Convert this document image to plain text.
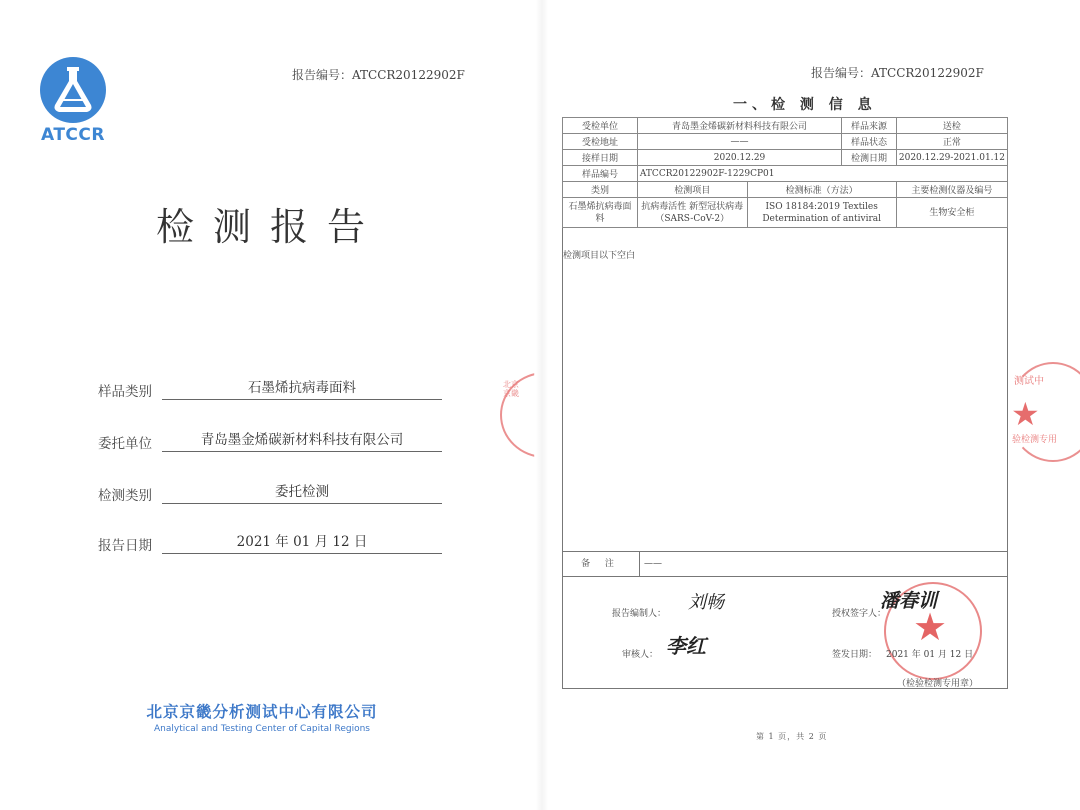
ATCCR
报告编号：ATCCR20122902F
检测报告
样品类别	石墨烯抗病毒面料
委托单位	青岛墨金烯碳新材料科技有限公司
检测类别	委托检测
报告日期	2021 年 01 月 12 日
北京京畿分析测试中心有限公司
Analytical and Testing Center of Capital Regions
北京京畿
报告编号：ATCCR20122902F
一、检 测 信 息
受检单位	青岛墨金烯碳新材料科技有限公司		样品来源	送检
受检地址	——		样品状态	正常
接样日期	2020.12.29		检测日期	2020.12.29-2021.01.12
样品编号	ATCCR20122902F-1229CP01			
类别	检测项目	检测标准（方法）		主要检测仪器及编号
石墨烯抗病毒面料	抗病毒活性 新型冠状病毒（SARS-CoV-2）	ISO 18184:2019 Textiles Determination of antiviral		生物安全柜
检测项目以下空白
备 注	——
报告编制人：
刘畅
审核人： 李红	★
授权签字人：
潘春训
签发日期： 2021 年 01 月 12 日
（检验检测专用章）
测试中
★
验检测专用
第 1 页，共 2 页
